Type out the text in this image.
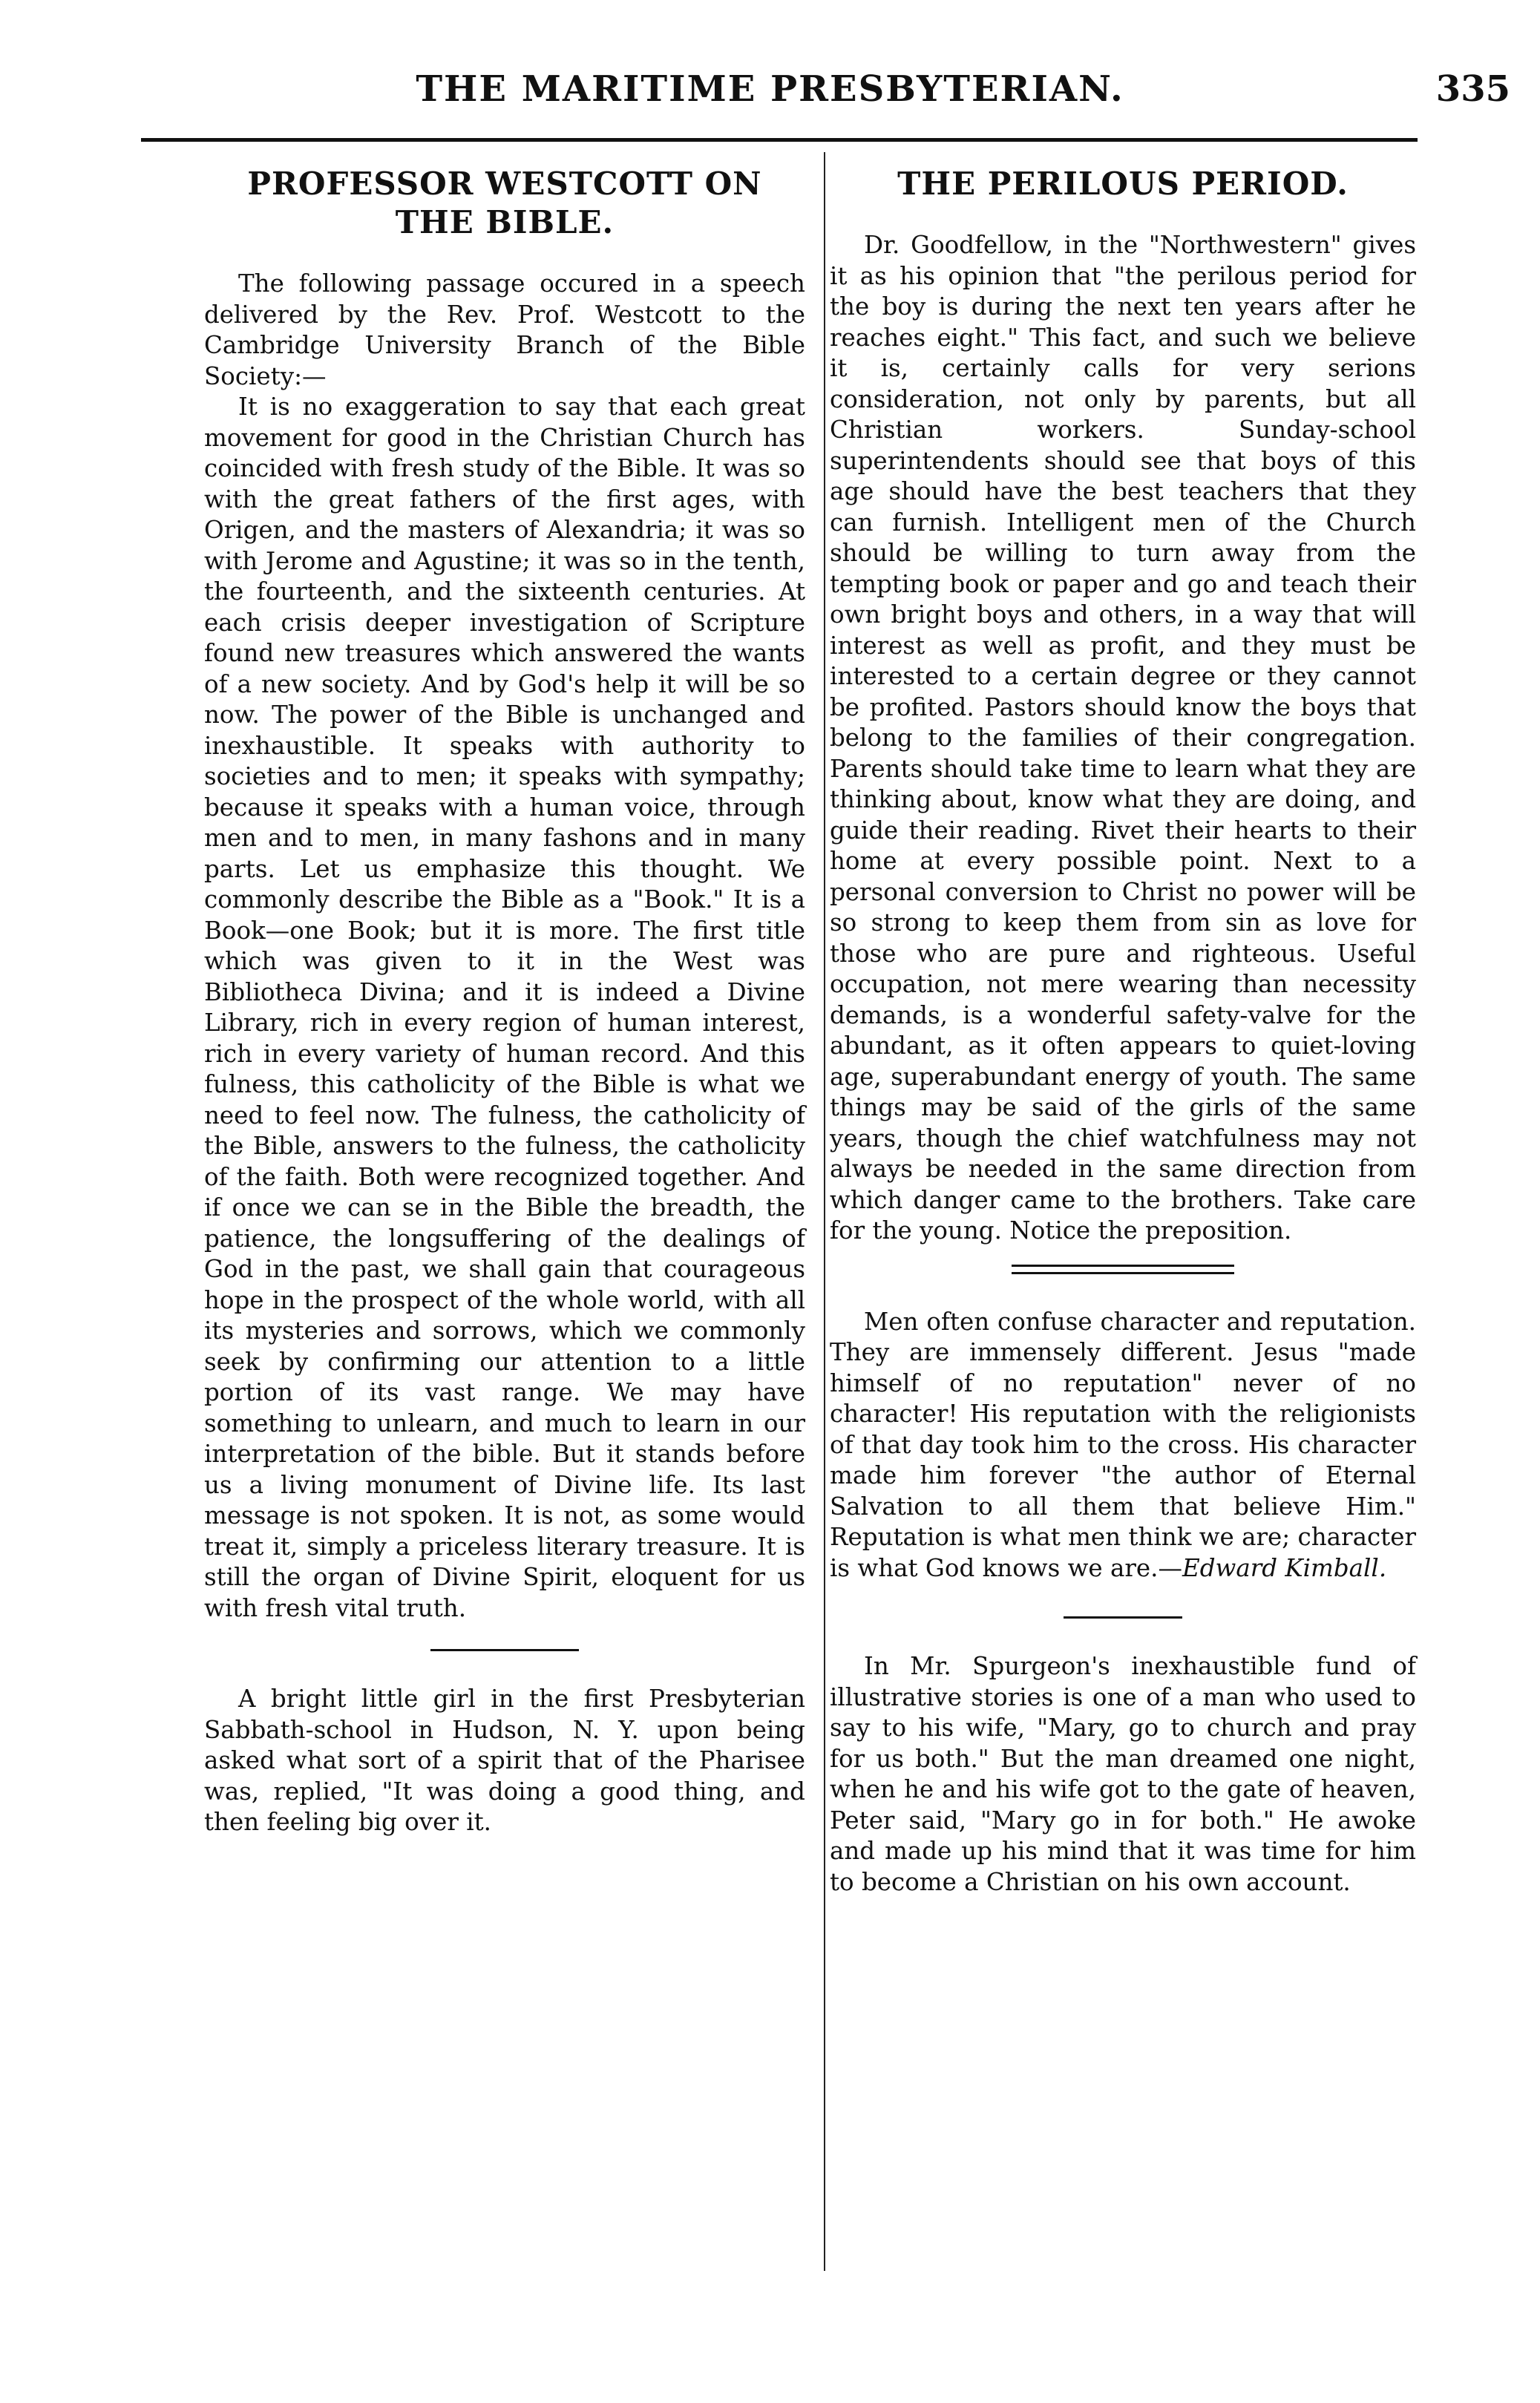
THE MARITIME PRESBYTERIAN.	335
PROFESSOR WESTCOTT ON THE BIBLE.

The following passage occured in a speech delivered by the Rev. Prof. Westcott to the Cambridge University Branch of the Bible Society:—

It is no exaggeration to say that each great movement for good in the Christian Church has coincided with fresh study of the Bible. It was so with the great fathers of the first ages, with Origen, and the masters of Alexandria; it was so with Jerome and Agustine; it was so in the tenth, the fourteenth, and the sixteenth centuries. At each crisis deeper investigation of Scripture found new treasures which answered the wants of a new society. And by God's help it will be so now. The power of the Bible is unchanged and inexhaustible. It speaks with authority to societies and to men; it speaks with sympathy; because it speaks with a human voice, through men and to men, in many fashons and in many parts. Let us emphasize this thought. We commonly describe the Bible as a "Book." It is a Book—one Book; but it is more. The first title which was given to it in the West was Bibliotheca Divina; and it is indeed a Divine Library, rich in every region of human interest, rich in every variety of human record. And this fulness, this catholicity of the Bible is what we need to feel now. The fulness, the catholicity of the Bible, answers to the fulness, the catholicity of the faith. Both were recognized together. And if once we can se in the Bible the breadth, the patience, the longsuffering of the dealings of God in the past, we shall gain that courageous hope in the prospect of the whole world, with all its mysteries and sorrows, which we commonly seek by confirming our attention to a little portion of its vast range. We may have something to unlearn, and much to learn in our interpretation of the bible. But it stands before us a living monument of Divine life. Its last message is not spoken. It is not, as some would treat it, simply a priceless literary treasure. It is still the organ of Divine Spirit, eloquent for us with fresh vital truth.

A bright little girl in the first Presbyterian Sabbath-school in Hudson, N. Y. upon being asked what sort of a spirit that of the Pharisee was, replied, "It was doing a good thing, and then feeling big over it.

THE PERILOUS PERIOD.

Dr. Goodfellow, in the "Northwestern" gives it as his opinion that "the perilous period for the boy is during the next ten years after he reaches eight." This fact, and such we believe it is, certainly calls for very serions consideration, not only by parents, but all Christian workers. Sunday-school superintendents should see that boys of this age should have the best teachers that they can furnish. Intelligent men of the Church should be willing to turn away from the tempting book or paper and go and teach their own bright boys and others, in a way that will interest as well as profit, and they must be interested to a certain degree or they cannot be profited. Pastors should know the boys that belong to the families of their congregation. Parents should take time to learn what they are thinking about, know what they are doing, and guide their reading. Rivet their hearts to their home at every possible point. Next to a personal conversion to Christ no power will be so strong to keep them from sin as love for those who are pure and righteous. Useful occupation, not mere wearing than necessity demands, is a wonderful safety-valve for the abundant, as it often appears to quiet-loving age, superabundant energy of youth. The same things may be said of the girls of the same years, though the chief watchfulness may not always be needed in the same direction from which danger came to the brothers. Take care for the young. Notice the preposition.

Men often confuse character and reputation. They are immensely different. Jesus "made himself of no reputation" never of no character! His reputation with the religionists of that day took him to the cross. His character made him forever "the author of Eternal Salvation to all them that believe Him." Reputation is what men think we are; character is what God knows we are.—Edward Kimball.

In Mr. Spurgeon's inexhaustible fund of illustrative stories is one of a man who used to say to his wife, "Mary, go to church and pray for us both." But the man dreamed one night, when he and his wife got to the gate of heaven, Peter said, "Mary go in for both." He awoke and made up his mind that it was time for him to become a Christian on his own account.
